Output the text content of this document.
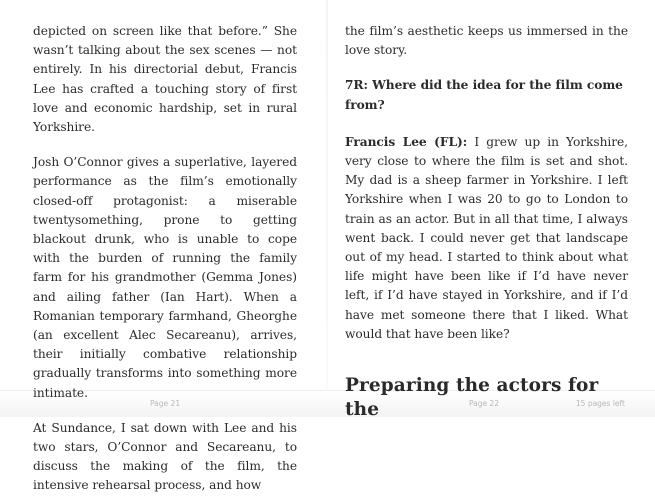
depicted on screen like that before.” She wasn’t talking about the sex scenes — not entirely. In his directorial debut, Francis Lee has crafted a touching story of first love and economic hardship, set in rural Yorkshire.

Josh O’Connor gives a superlative, layered performance as the film’s emotionally closed-off protagonist: a miserable twentysomething, prone to getting blackout drunk, who is unable to cope with the burden of running the family farm for his grandmother (Gemma Jones) and ailing father (Ian Hart). When a Romanian temporary farmhand, Gheorghe (an excellent Alec Secareanu), arrives, their initially combative relationship gradually transforms into something more intimate.

At Sundance, I sat down with Lee and his two stars, O’Connor and Secareanu, to discuss the making of the film, the intensive rehearsal process, and how

Page 21

the film’s aesthetic keeps us immersed in the love story.

7R: Where did the idea for the film come from?

Francis Lee (FL): I grew up in Yorkshire, very close to where the film is set and shot. My dad is a sheep farmer in Yorkshire. I left Yorkshire when I was 20 to go to London to train as an actor. But in all that time, I always went back. I could never get that landscape out of my head. I started to think about what life might have been like if I’d have never left, if I’d have stayed in Yorkshire, and if I’d have met someone there that I liked. What would that have been like?

Preparing the actors for the	Page 22	15 pages left
